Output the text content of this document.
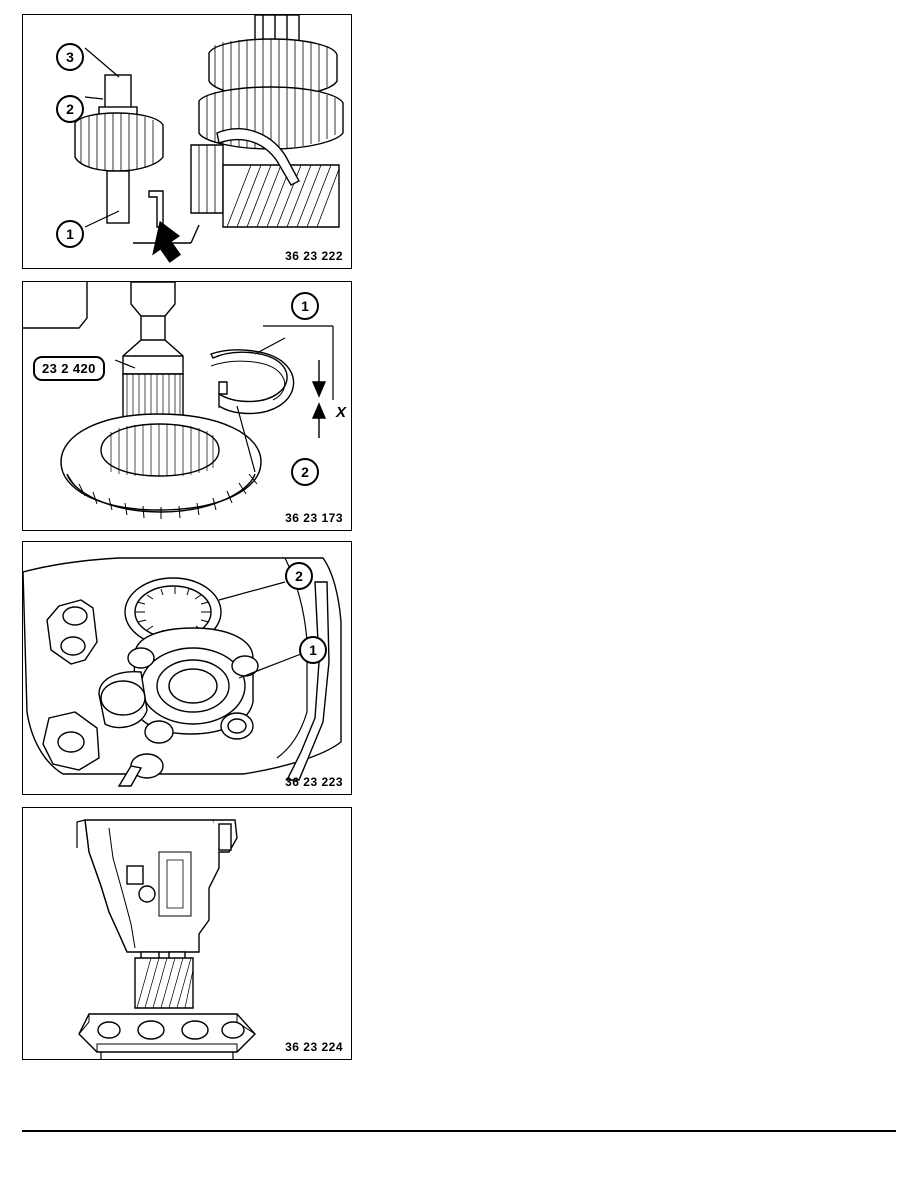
3
2
1
36 23 222
1
2
23 2 420
X
36 23 173
2
1
36 23 223
36 23 224
